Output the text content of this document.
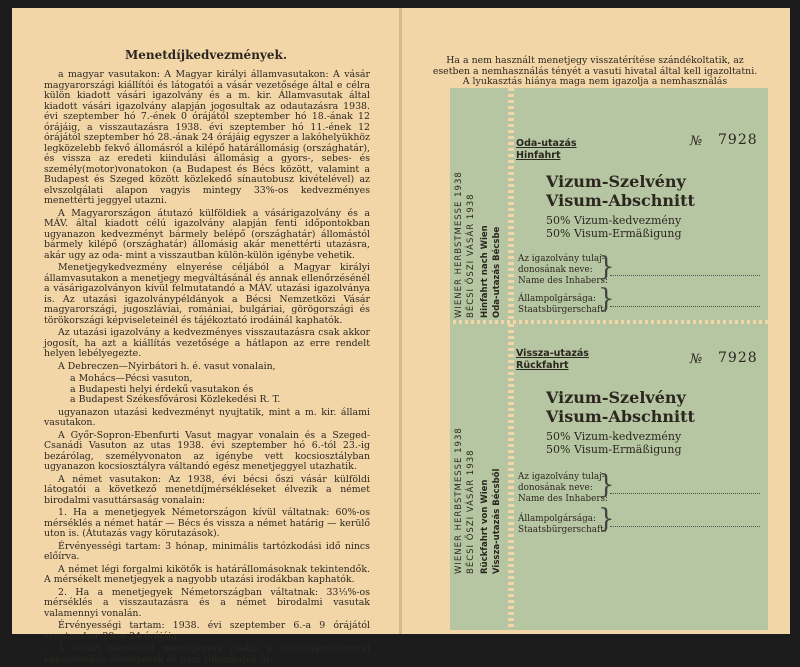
Menetdíjkedvezmények.

a magyar vasutakon: A Magyar királyi államvasutakon: A vásár magyarországi kiállítói és látogatói a vásár vezetősége által e célra külön kiadott vásári igazolvány és a m. kir. Államvasutak által kiadott vásári igazolvány alapján jogosultak az odautazásra 1938. évi szeptember hó 7.-ének 0 órájától szeptember hó 18.-ának 12 órájáig, a visszautazásra 1938. évi szeptember hó 11.-ének 12 órájától szeptember hó 28.-ának 24 órájáig egyszer a lakóhelyükhöz legközelebb fekvő állomásról a kilépő határállomásig (országhatár), és vissza az eredeti kiindulási állomásig a gyors-, sebes- és személy(motor)vonatokon (a Budapest és Bécs között, valamint a Budapest és Szeged között közlekedő sínautobusz kivételével) az elvszolgálati alapon vagyis mintegy 33%-os kedvezményes menettérti jeggyel utazni.

A Magyarországon átutazó külföldiek a vásárigazolvány és a MÁV. által kiadott célú igazolvány alapján fenti időpontokban ugyanazon kedvezményt bármely belépő (országhatár) állomástól bármely kilépő (országhatár) állomásig akár menettérti utazásra, akár ugy az oda- mint a visszautban külön-külön igénybe vehetik.

Menetjegykedvezmény elnyerése céljából a Magyar királyi államvasutakon a menetjegy megváltásánál és annak ellenőrzésénél a vásárigazolványon kívül felmutatandó a MÁV. utazási igazolványa is. Az utazási igazolványpéldányok a Bécsi Nemzetközi Vásár magyarországi, jugoszláviai, romániai, bulgáriai, görögországi és törökországi képviseleteinél és tájékoztató irodáinál kaphatók.

Az utazási igazolvány a kedvezményes visszautazásra csak akkor jogosít, ha azt a kiállítás vezetősége a hátlapon az erre rendelt helyen lebélyegezte.

A Debreczen—Nyirbátori h. é. vasut vonalain,

a Mohács—Pécsi vasuton,
a Budapesti helyi érdekű vasutakon és
a Budapest Székesfővárosi Közlekedési R. T.

ugyanazon utazási kedvezményt nyujtatik, mint a m. kir. állami vasutakon.

A Győr-Sopron-Ebenfurti Vasut magyar vonalain és a Szeged-Csanádi Vasuton az utas 1938. évi szeptember hó 6.-tól 23.-ig bezárólag, személyvonaton az igénybe vett kocsiosztályban ugyanazon kocsiosztályra váltandó egész menetjeggyel utazhatik.

A német vasutakon: Az 1938, évi bécsi őszi vásár külföldi látogatói a következő menetdíjmérsékléseket élvezik a német birodalmi vasuttársaság vonalain:

1. Ha a menetjegyek Németországon kívül váltatnak: 60%-os mérséklés a német határ — Bécs és vissza a német határig — kerülő uton is. (Átutazás vagy körutazások).

Érvényességi tartam: 3 hónap, minimális tartózkodási idő nincs előírva.

A német légi forgalmi kikötők is határállomásoknak tekintendők. A mérsékelt menetjegyek a nagyobb utazási irodákban kaphatók.

2. Ha a menetjegyek Németországban váltatnak: 33⅓%-os mérséklés a visszautazásra és a német birodalmi vasutak valamennyi vonalán.

Érvényességi tartam: 1938. évi szeptember 6.-a 9 órájától szeptember 29.-e 24 órájáig.

A vásári mérsékelt menetjegyek csakis a vásárigazolvánnyal kapcsolatban érvényesek és nem ruházhatók át.

Ha a nem használt menetjegy visszatérítése szándékoltatik, az esetben a nemhasználás tényét a vasuti hivatal által kell igazoltatni. A lyukasztás hiánya maga nem igazolja a nemhasználás
WIENER HERBSTMESSE 1938 BÉCSI ŐSZI VÁSÁR 1938 Hinfahrt nach Wien Oda-utazás Bécsbe
Oda-utazás
Hinfahrt
№ 7928
Vizum-Szelvény
Visum-Abschnitt
50% Vizum-kedvezmény
50% Visum-Ermäßigung
Az igazolvány tulaj-
donosának neve:
Name des Inhabers:
}
Állampolgársága:
Staatsbürgerschaft:
}
WIENER HERBSTMESSE 1938 BÉCSI ŐSZI VÁSÁR 1938 Rückfahrt von Wien Vissza-utazás Bécsből
Vissza-utazás
Rückfahrt	№ 7928
Vizum-Szelvény
Visum-Abschnitt
50% Vizum-kedvezmény
50% Visum-Ermäßigung
Az igazolvány tulaj-
donosának neve:
Name des Inhabers:
}
Állampolgársága:
Staatsbürgerschaft:
}
